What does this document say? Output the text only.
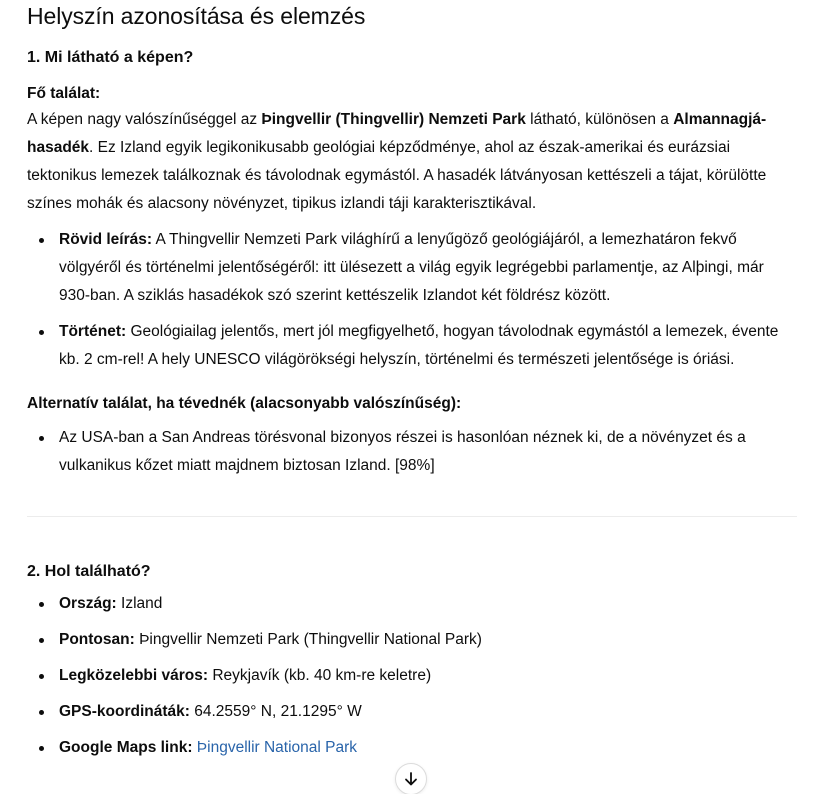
Helyszín azonosítása és elemzés
1. Mi látható a képen?
Fő találat:

A képen nagy valószínűséggel az Þingvellir (Thingvellir) Nemzeti Park látható, különösen a Almannagjá-hasadék. Ez Izland egyik legikonikusabb geológiai képződménye, ahol az észak-amerikai és eurázsiai tektonikus lemezek találkoznak és távolodnak egymástól. A hasadék látványosan kettészeli a tájat, körülötte színes mohák és alacsony növényzet, tipikus izlandi táji karakterisztikával.

Rövid leírás: A Thingvellir Nemzeti Park világhírű a lenyűgöző geológiájáról, a lemezhatáron fekvő völgyéről és történelmi jelentőségéről: itt ülésezett a világ egyik legrégebbi parlamentje, az Alþingi, már 930-ban. A sziklás hasadékok szó szerint kettészelik Izlandot két földrész között.
Történet: Geológiailag jelentős, mert jól megfigyelhető, hogyan távolodnak egymástól a lemezek, évente kb. 2 cm-rel! A hely UNESCO világörökségi helyszín, történelmi és természeti jelentősége is óriási.
Alternatív találat, ha tévednék (alacsonyabb valószínűség):
Az USA-ban a San Andreas törésvonal bizonyos részei is hasonlóan néznek ki, de a növényzet és a vulkanikus kőzet miatt majdnem biztosan Izland. [98%]
2. Hol található?
Ország: Izland
Pontosan: Þingvellir Nemzeti Park (Thingvellir National Park)
Legközelebbi város: Reykjavík (kb. 40 km-re keletre)
GPS-koordináták: 64.2559° N, 21.1295° W
Google Maps link: Þingvellir National Park
